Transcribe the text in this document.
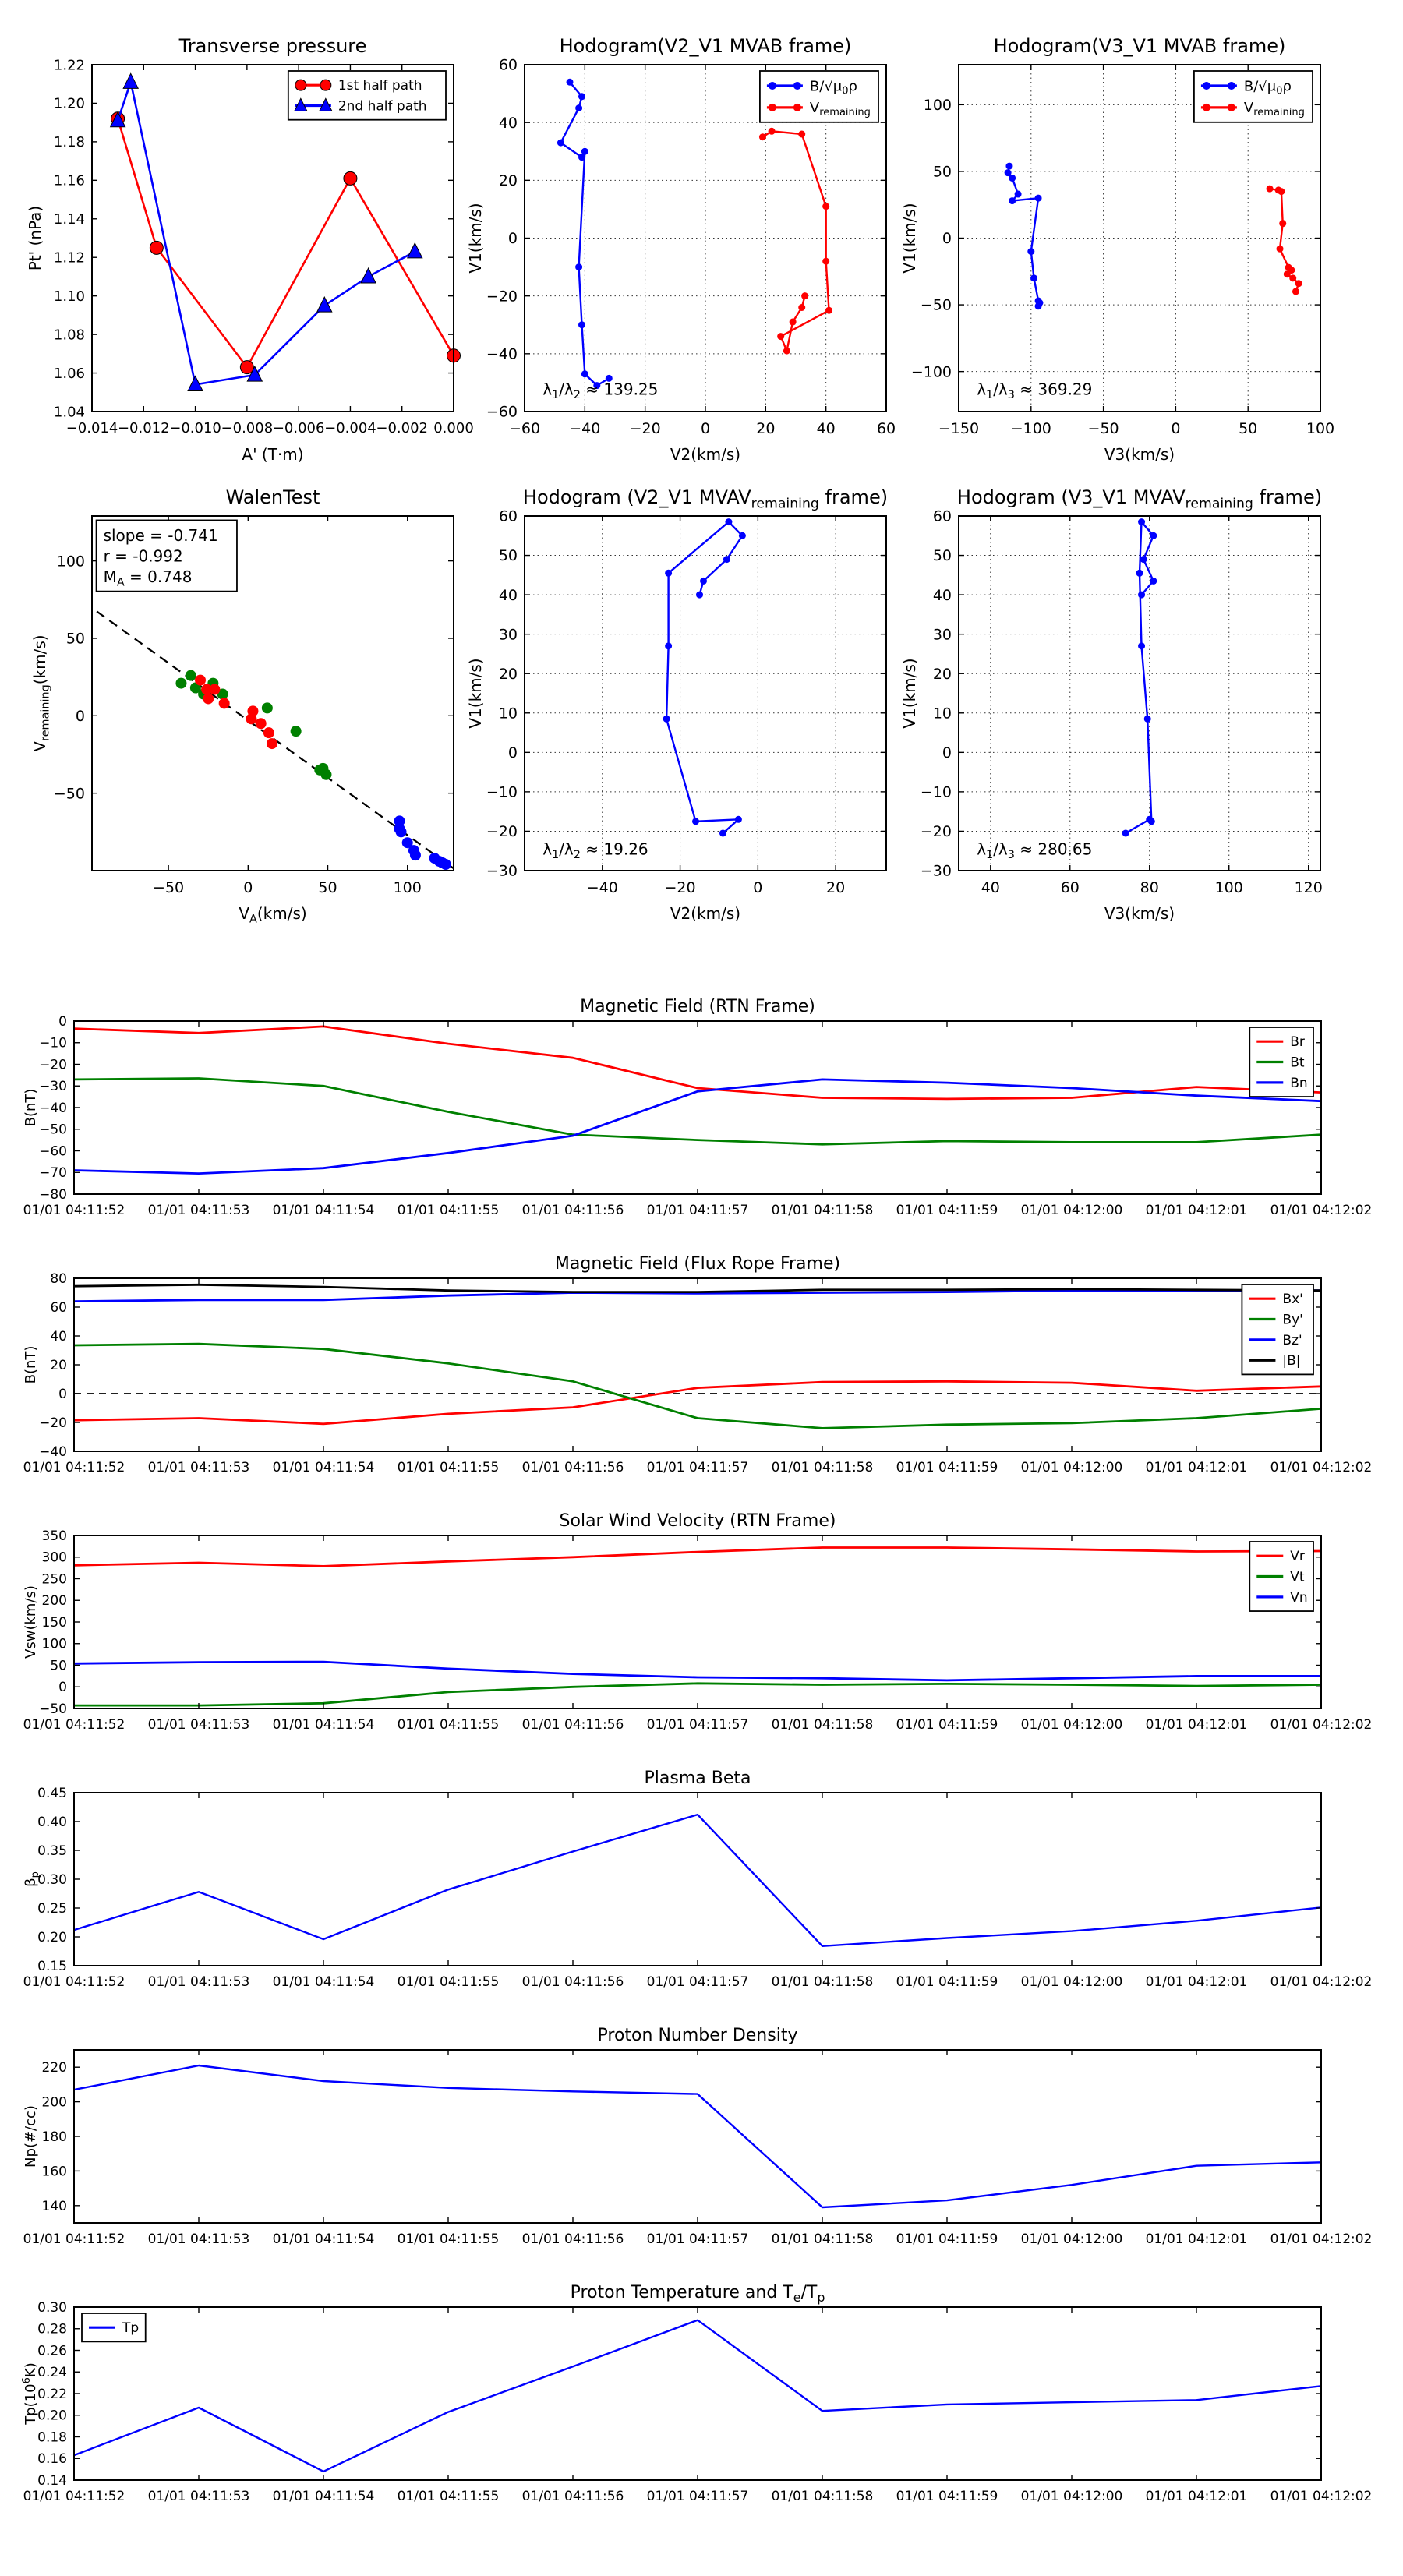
−0.014 −0.012 −0.010 −0.008 −0.006 −0.004 −0.002 0.000
1.04
1.06
1.08
1.10
1.12
1.14
1.16
1.18
1.20
1.22
Transverse pressure
A' (T·m)
Pt' (nPa)
1st half path
2nd half path
−60 −40 −20	0	20	40	60
−60
−40
−20
0
20
40
60
Hodogram(V2_V1 MVAB frame)
V2(km/s)
V1(km/s)
$\lambda_1/\lambda_2 \approx 139.25$
$B/√\mu_0\rho$
$V_{remaining}$
−150 −100 −50	0	50	100
−100
−50
0
50
100
Hodogram(V3_V1 MVAB frame)
V3(km/s)
V1(km/s)
$\lambda_1/\lambda_3 \approx 369.29$
$B/√\mu_0\rho$
$V_{remaining}$
−50	0	50	100
−50
0
50
100
WalenTest
$V_A(km/s)$
$V_{remaining}(km/s)$
slope = -0.741
r = -0.992
$M_A = 0.748$
−40	−20	0	20
−30
−20
−10
0
10
20
30
40
50
60
Hodogram (V2_V1 $MVAV_{remaining}$ frame)
V2(km/s)
V1(km/s)
$\lambda_1/\lambda_2 \approx 19.26$
40	60	80	100	120
−30
−20
−10
0
10
20
30
40
50
60
Hodogram (V3_V1 $MVAV_{remaining}$ frame)
V3(km/s)
V1(km/s)
$\lambda_1/\lambda_3 \approx 280.65$
01/01 04:11:52 01/01 04:11:53 01/01 04:11:54 01/01 04:11:55 01/01 04:11:56 01/01 04:11:57 01/01 04:11:58 01/01 04:11:59 01/01 04:12:00 01/01 04:12:01 01/01 04:12:02
−80
−70
−60
−50
−40
−30
−20
−10
0
Magnetic Field (RTN Frame)
B(nT)
Br
Bt
Bn
01/01 04:11:52 01/01 04:11:53 01/01 04:11:54 01/01 04:11:55 01/01 04:11:56 01/01 04:11:57 01/01 04:11:58 01/01 04:11:59 01/01 04:12:00 01/01 04:12:01 01/01 04:12:02
−40
−20
0
20
40
60
80
Magnetic Field (Flux Rope Frame)
B(nT)
Bx'
By'
Bz'
|B|
01/01 04:11:52 01/01 04:11:53 01/01 04:11:54 01/01 04:11:55 01/01 04:11:56 01/01 04:11:57 01/01 04:11:58 01/01 04:11:59 01/01 04:12:00 01/01 04:12:01 01/01 04:12:02
−50
0
50
100
150
200
250
300
350
Solar Wind Velocity (RTN Frame)
Vsw(km/s)
Vr
Vt
Vn
01/01 04:11:52 01/01 04:11:53 01/01 04:11:54 01/01 04:11:55 01/01 04:11:56 01/01 04:11:57 01/01 04:11:58 01/01 04:11:59 01/01 04:12:00 01/01 04:12:01 01/01 04:12:02
0.15
0.20
0.25
0.30
0.35
0.40
0.45
Plasma Beta
$\beta_p$
01/01 04:11:52 01/01 04:11:53 01/01 04:11:54 01/01 04:11:55 01/01 04:11:56 01/01 04:11:57 01/01 04:11:58 01/01 04:11:59 01/01 04:12:00 01/01 04:12:01 01/01 04:12:02
140
160
180
200
220
Proton Number Density
Np(#/cc)
01/01 04:11:52 01/01 04:11:53 01/01 04:11:54 01/01 04:11:55 01/01 04:11:56 01/01 04:11:57 01/01 04:11:58 01/01 04:11:59 01/01 04:12:00 01/01 04:12:01 01/01 04:12:02
0.14
0.16
0.18
0.20
0.22
0.24
0.26
0.28
0.30
Proton Temperature and $T_e/T_p$
$Tp(10^6K)$
Tp
